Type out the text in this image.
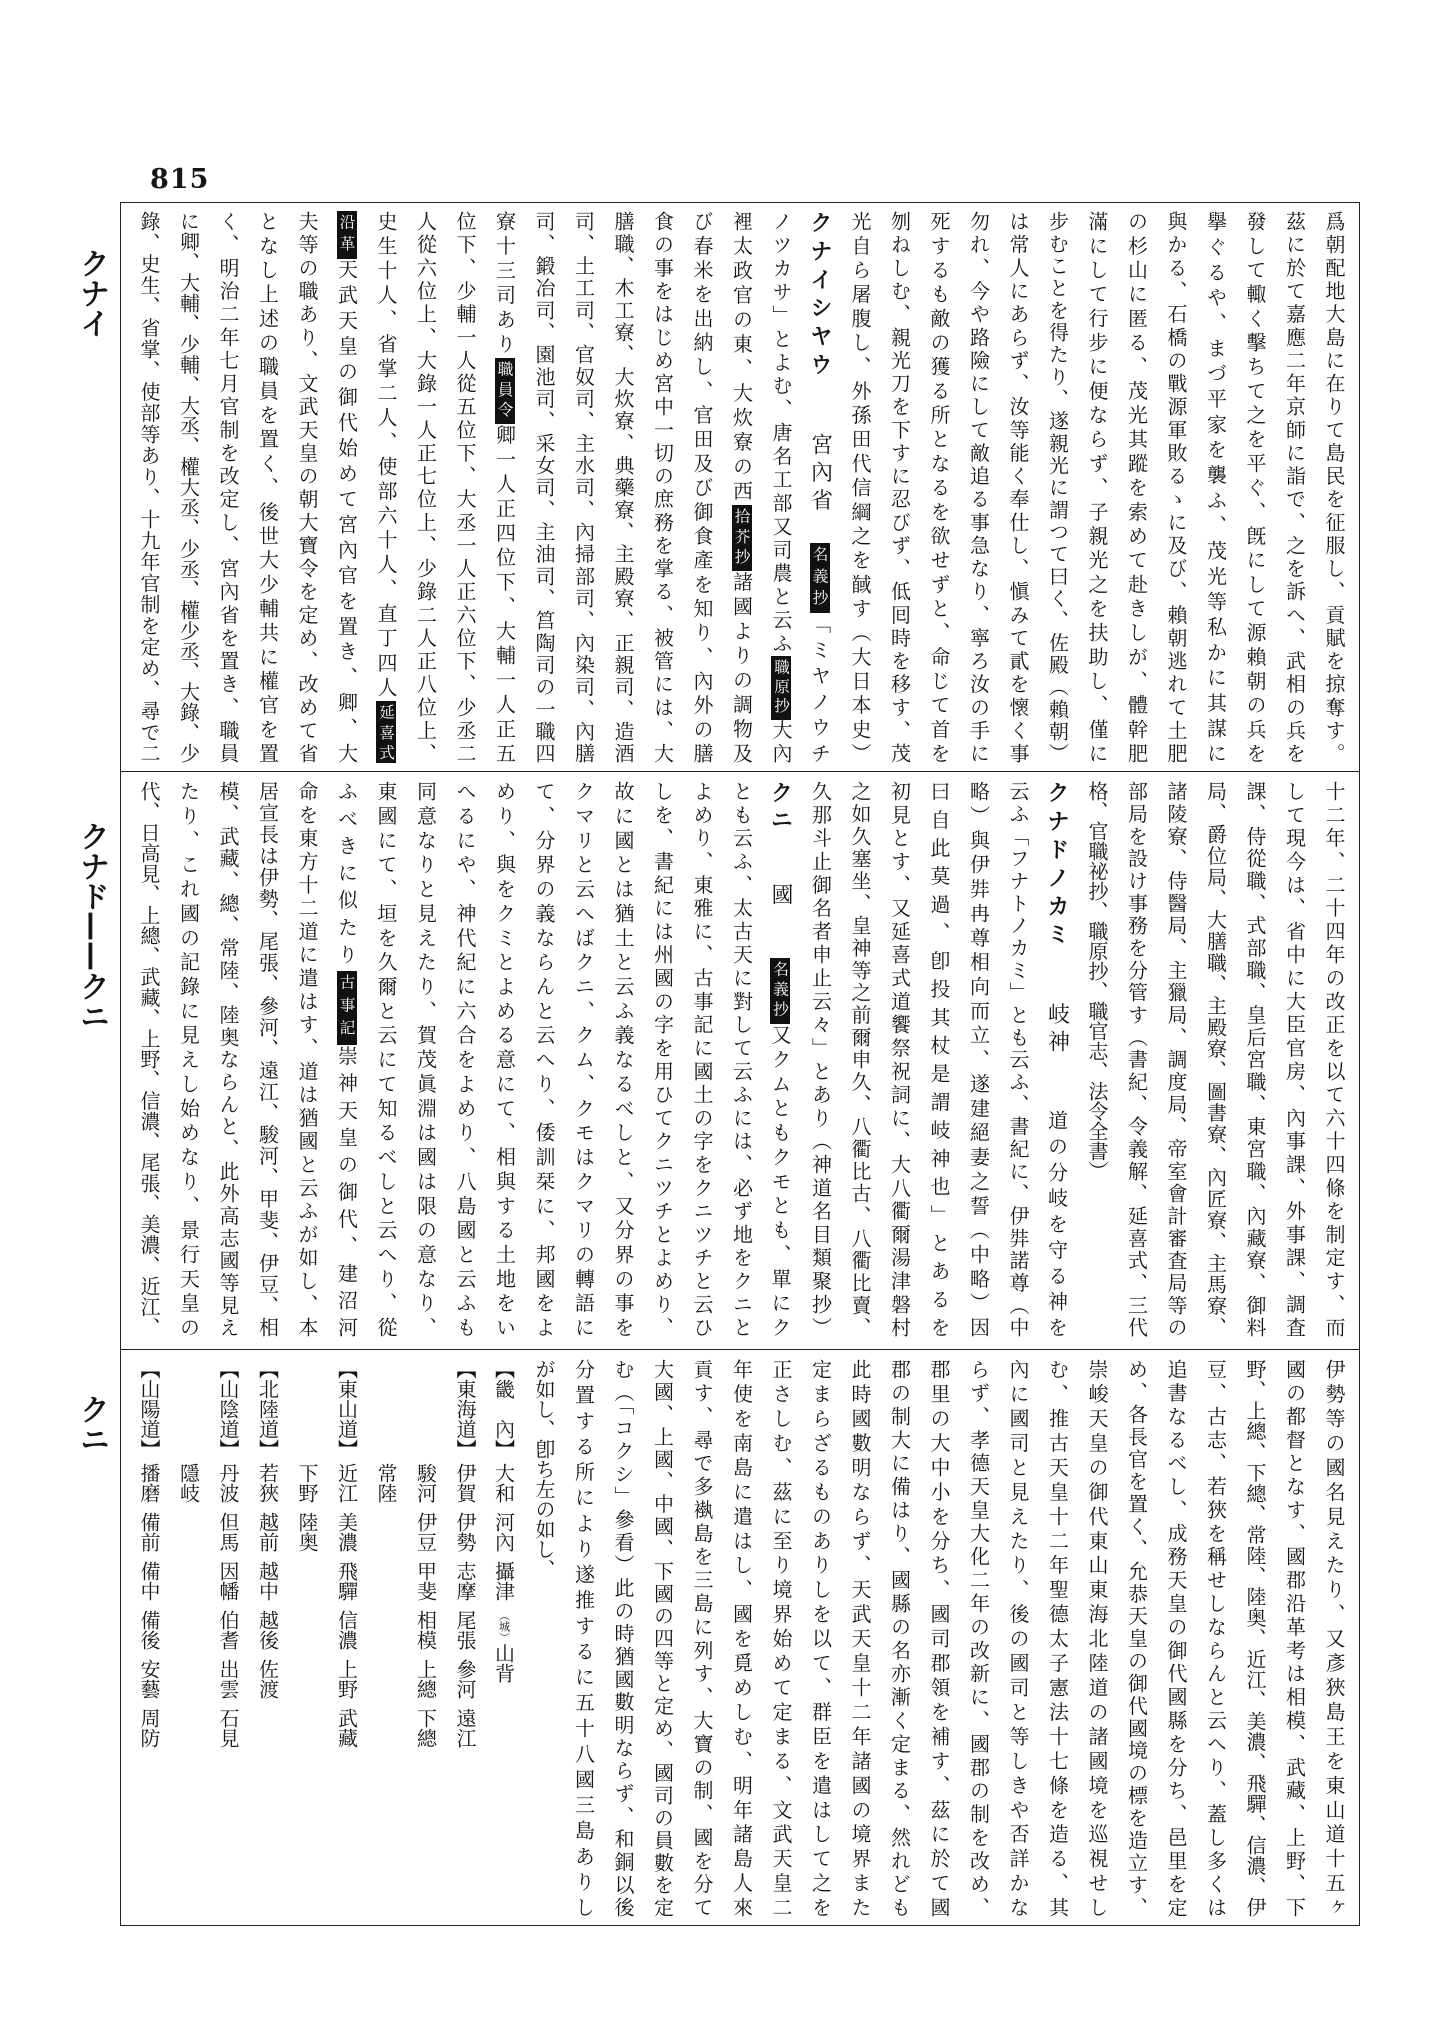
815
クナイ
クナド——クニ
クニ
爲朝配地大島に在りて島民を征服し、貢賦を掠奪す。
茲に於て嘉應二年京師に詣で、之を訴へ、武相の兵を
發して輙く擊ちて之を平ぐ、旣にして源賴朝の兵を
擧ぐるや、まづ平家を襲ふ、茂光等私かに其謀に
與かる、石橋の戰源軍敗るゝに及び、賴朝逃れて土肥
の杉山に匿る、茂光其蹤を索めて赴きしが、體幹肥
滿にして行步に便ならず、子親光之を扶助し、僅に
步むことを得たり、遂親光に謂つて曰く、佐殿（賴朝）
は常人にあらず、汝等能く奉仕し、愼みて貳を懷く事
勿れ、今や路險にして敵追る事急なり、寧ろ汝の手に
死するも敵の獲る所となるを欲せずと、命じて首を
刎ねしむ、親光刀を下すに忍びず、低囘時を移す、茂
光自ら屠腹し、外孫田代信綱之を馘す（大日本史）
クナイシヤウ　　宮內省　名義抄「ミヤノウチ
ノツカサ」とよむ、唐名工部又司農と云ふ職原抄大內
裡太政官の東、大炊寮の西拾芥抄諸國よりの調物及
び春米を出納し、官田及び御食產を知り、內外の膳
食の事をはじめ宮中一切の庶務を掌る、被管には、大
膳職、木工寮、大炊寮、典藥寮、主殿寮、正親司、造酒
司、土工司、官奴司、主水司、內掃部司、內染司、內膳
司、鍛冶司、園池司、采女司、主油司、筥陶司の一職四
寮十三司あり職員令卿一人正四位下、大輔一人正五
位下、少輔一人從五位下、大丞一人正六位下、少丞二
人從六位上、大錄一人正七位上、少錄二人正八位上、
史生十人、省掌二人、使部六十人、直丁四人延喜式
沿革天武天皇の御代始めて宮內官を置き、卿、大
夫等の職あり、文武天皇の朝大寶令を定め、改めて省
となし上述の職員を置く、後世大少輔共に權官を置
く、明治二年七月官制を改定し、宮內省を置き、職員
に卿、大輔、少輔、大丞、權大丞、少丞、權少丞、大錄、少
錄、史生、省掌、使部等あり、十九年官制を定め、尋で二
十二年、二十四年の改正を以て六十四條を制定す、而
して現今は、省中に大臣官房、內事課、外事課、調査
課、侍從職、式部職、皇后宮職、東宮職、內藏寮、御料
局、爵位局、大膳職、主殿寮、圖書寮、內匠寮、主馬寮、
諸陵寮、侍醫局、主獵局、調度局、帝室會計審査局等の
部局を設け事務を分管す（書紀、令義解、延喜式、三代
格、官職祕抄、職原抄、職官志、法令全書）
クナドノカミ　　岐神　　道の分岐を守る神を
云ふ「フナトノカミ」とも云ふ、書紀に、伊弉諾尊（中
略）與伊弉冉尊相向而立、遂建絕妻之誓（中略）因
曰自此莫過、卽投其杖是謂岐神也」とあるを
初見とす、又延喜式道饗祭祝詞に、大八衢爾湯津磐村
之如久塞坐、皇神等之前爾申久、八衢比古、八衢比賣、
久那斗止御名者申止云々」とあり（神道名目類聚抄）
クニ　　國　　名義抄又クムともクモとも、單にク
とも云ふ、太古天に對して云ふには、必ず地をクニと
よめり、東雅に、古事記に國土の字をクニツチと云ひ
しを、書紀には州國の字を用ひてクニツチとよめり、
故に國とは猶土と云ふ義なるべしと、又分界の事を
クマリと云へばクニ、クム、クモはクマリの轉語に
て、分界の義ならんと云へり、倭訓栞に、邦國をよ
めり、與をクミとよめる意にて、相與する土地をい
へるにや、神代紀に六合をよめり、八島國と云ふも
同意なりと見えたり、賀茂眞淵は國は限の意なり、
東國にて、垣を久爾と云にて知るべしと云へり、從
ふべきに似たり古事記崇神天皇の御代、建沼河
命を東方十二道に遣はす、道は猶國と云ふが如し、本
居宣長は伊勢、尾張、參河、遠江、駿河、甲斐、伊豆、相
模、武藏、總、常陸、陸奥ならんと、此外高志國等見え
たり、これ國の記錄に見えし始めなり、景行天皇の
代、日高見、上總、武藏、上野、信濃、尾張、美濃、近江、
伊勢等の國名見えたり、又彥狹島王を東山道十五ヶ
國の都督となす、國郡沿革考は相模、武藏、上野、下
野、上總、下總、常陸、陸奥、近江、美濃、飛驒、信濃、伊
豆、古志、若狹を稱せしならんと云へり、蓋し多くは
追書なるべし、成務天皇の御代國縣を分ち、邑里を定
め、各長官を置く、允恭天皇の御代國境の標を造立す、
崇峻天皇の御代東山東海北陸道の諸國境を巡視せし
む、推古天皇十二年聖德太子憲法十七條を造る、其
內に國司と見えたり、後の國司と等しきや否詳かな
らず、孝德天皇大化二年の改新に、國郡の制を改め、
郡里の大中小を分ち、國司郡領を補す、茲に於て國
郡の制大に備はり、國縣の名亦漸く定まる、然れども
此時國數明ならず、天武天皇十二年諸國の境界また
定まらざるものありしを以て、群臣を遣はして之を
正さしむ、茲に至り境界始めて定まる、文武天皇二
年使を南島に遣はし、國を覓めしむ、明年諸島人來
貢す、尋で多褹島を三島に列す、大寶の制、國を分て
大國、上國、中國、下國の四等と定め、國司の員數を定
む（「コクシ」參看）此の時猶國數明ならず、和銅以後
分置する所により遂推するに五十八國三島ありし
が如し、卽ち左の如し、
【畿　內】大和河內攝津（城）山背
【東海道】伊賀伊勢志摩尾張參河遠江
駿河伊豆甲斐相模上總下總
常陸
【東山道】近江美濃飛驒信濃上野武藏
下野陸奥
【北陸道】若狹越前越中越後佐渡
【山陰道】丹波但馬因幡伯耆出雲石見
隱岐
【山陽道】播磨備前備中備後安藝周防
